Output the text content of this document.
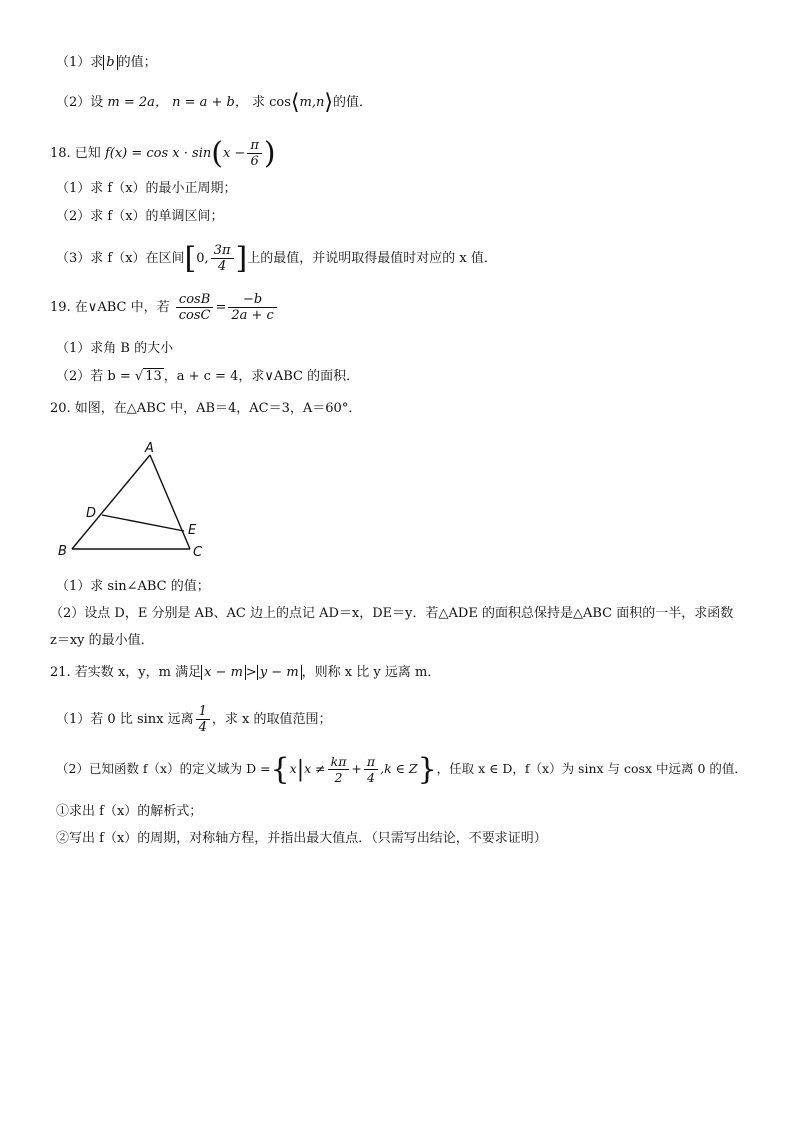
（1）求 b 的值；
（2）设 m = 2a， n = a + b， 求 cos⟨m,n⟩的值．
18. 已知 $f(x) = \cos x \cdot \sin(x - \frac{\pi}{6}$ )
（1）求 f（x）的最小正周期；
（2）求 f（x）的单调区间；
（3）求 f（x）在区间[0, $\frac{3\pi}{4}$ ]上的最值，并说明取得最值时对应的 x 值．
19. 在∨ABC 中，若 $\frac{\cos B}{\cos C} = \frac{-b}{2a + c}$
（1）求角 B 的大小
（2）若 b = √ 13 ，a + c = 4，求∨ABC 的面积．
20. 如图，在△ABC 中，AB＝4，AC＝3，A＝60°．
A
B	C
D
E
（1）求 sin∠ABC 的值；
（2）设点 D，E 分别是 AB、AC 边上的点记 AD＝x，DE＝y．若△ADE 的面积总保持是△ABC 面积的一半，求函数
z＝xy 的最小值．
21. 若实数 x，y，m 满足 x − m > y − m ，则称 x 比 y 远离 m．
（1）若 0 比 sinx 远离 $\frac{1}{4}$ ，求 x 的取值范围；
（2）已知函数 f（x）的定义域为 $D =\{x|x \ne \frac{k\pi}{2} + \frac{\pi}{4} ,k$ ∈ Z}，任取 x ∈ D，f（x）为 sinx 与 cosx 中远离 0 的值．
①求出 f（x）的解析式；
②写出 f（x）的周期，对称轴方程，并指出最大值点．（只需写出结论，不要求证明）
